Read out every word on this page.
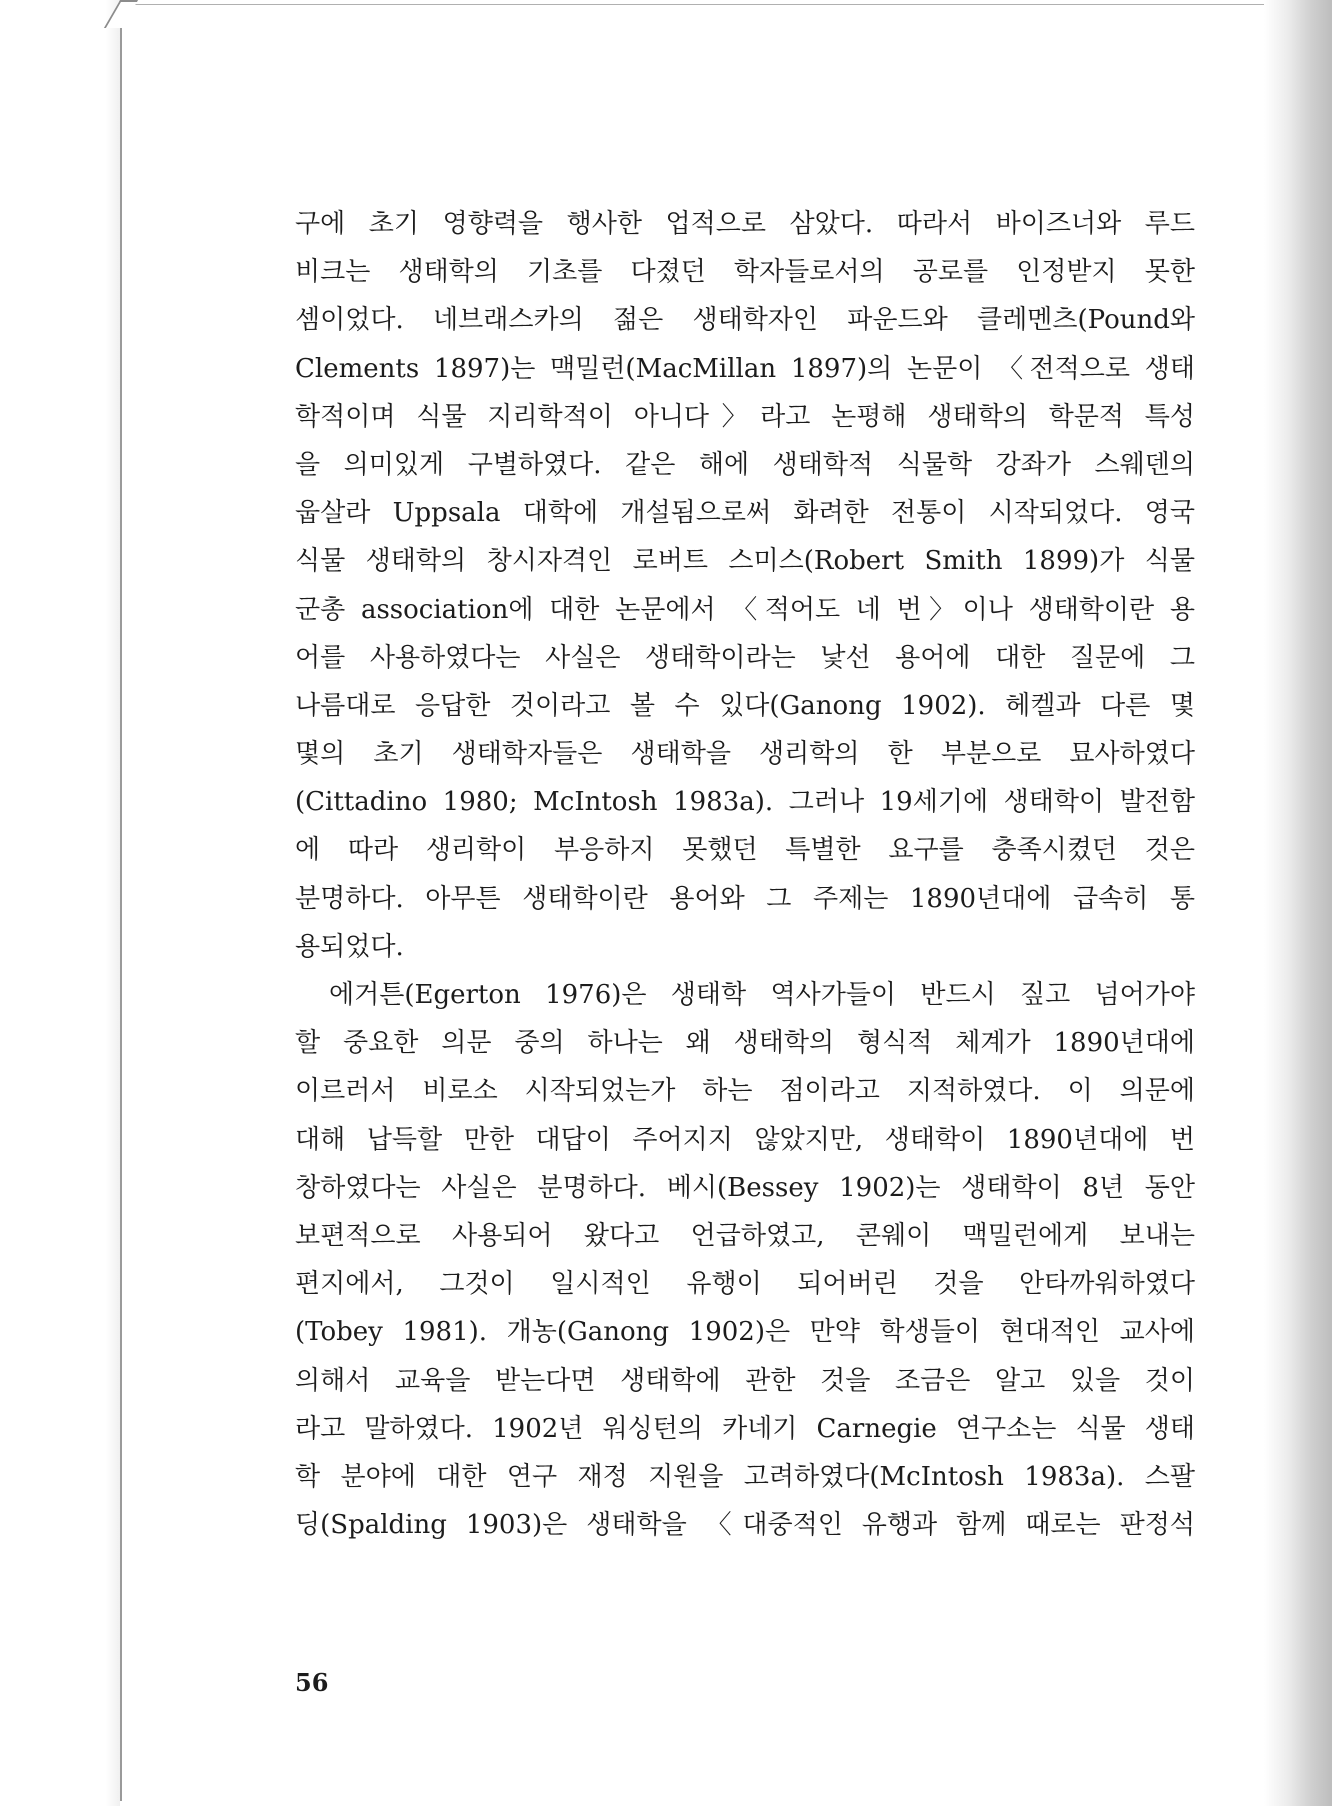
구에 초기 영향력을 행사한 업적으로 삼았다. 따라서 바이즈너와 루드
비크는 생태학의 기초를 다졌던 학자들로서의 공로를 인정받지 못한
셈이었다. 네브래스카의 젊은 생태학자인 파운드와 클레멘츠(Pound와
Clements 1897)는 맥밀런(MacMillan 1897)의 논문이 〈전적으로 생태
학적이며 식물 지리학적이 아니다〉라고 논평해 생태학의 학문적 특성
을 의미있게 구별하였다. 같은 해에 생태학적 식물학 강좌가 스웨덴의
웁살라 Uppsala 대학에 개설됨으로써 화려한 전통이 시작되었다. 영국
식물 생태학의 창시자격인 로버트 스미스(Robert Smith 1899)가 식물
군총 association에 대한 논문에서 〈적어도 네 번〉이나 생태학이란 용
어를 사용하였다는 사실은 생태학이라는 낯선 용어에 대한 질문에 그
나름대로 응답한 것이라고 볼 수 있다(Ganong 1902). 헤켈과 다른 몇
몇의 초기 생태학자들은 생태학을 생리학의 한 부분으로 묘사하였다
(Cittadino 1980; McIntosh 1983a). 그러나 19세기에 생태학이 발전함
에 따라 생리학이 부응하지 못했던 특별한 요구를 충족시켰던 것은
분명하다. 아무튼 생태학이란 용어와 그 주제는 1890년대에 급속히 통
용되었다.
에거튼(Egerton 1976)은 생태학 역사가들이 반드시 짚고 넘어가야
할 중요한 의문 중의 하나는 왜 생태학의 형식적 체계가 1890년대에
이르러서 비로소 시작되었는가 하는 점이라고 지적하였다. 이 의문에
대해 납득할 만한 대답이 주어지지 않았지만, 생태학이 1890년대에 번
창하였다는 사실은 분명하다. 베시(Bessey 1902)는 생태학이 8년 동안
보편적으로 사용되어 왔다고 언급하였고, 콘웨이 맥밀런에게 보내는
편지에서, 그것이 일시적인 유행이 되어버린 것을 안타까워하였다
(Tobey 1981). 개농(Ganong 1902)은 만약 학생들이 현대적인 교사에
의해서 교육을 받는다면 생태학에 관한 것을 조금은 알고 있을 것이
라고 말하였다. 1902년 워싱턴의 카네기 Carnegie 연구소는 식물 생태
학 분야에 대한 연구 재정 지원을 고려하였다(McIntosh 1983a). 스팔
딩(Spalding 1903)은 생태학을 〈대중적인 유행과 함께 때로는 판정석
56
